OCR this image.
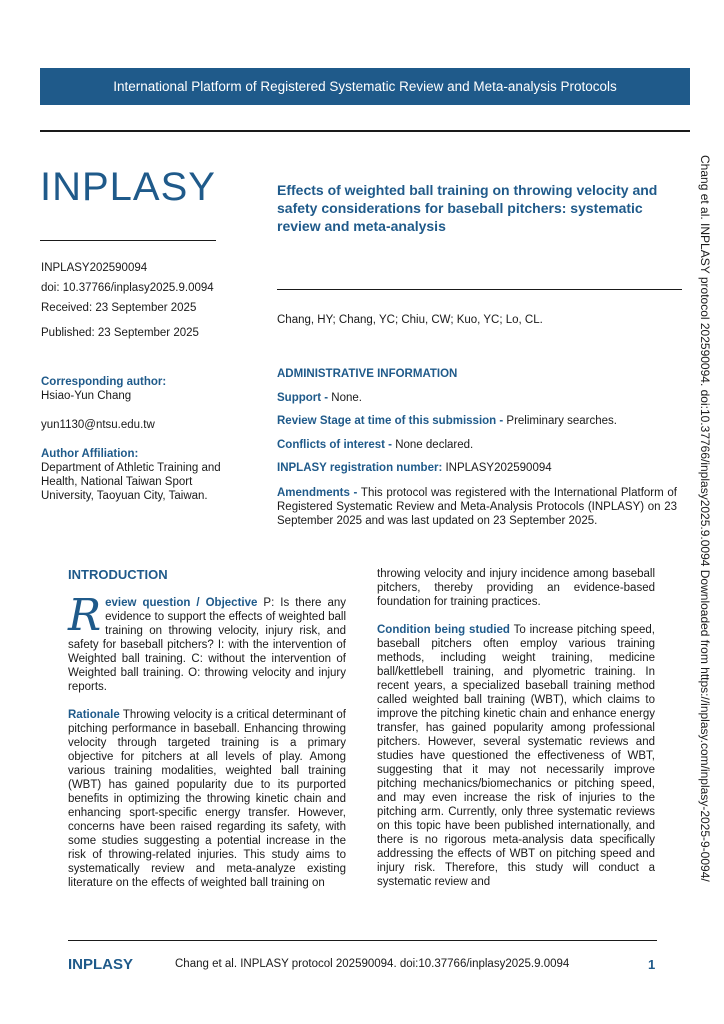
International Platform of Registered Systematic Review and Meta-analysis Protocols
INPLASY
INPLASY202590094
doi: 10.37766/inplasy2025.9.0094
Received: 23 September 2025
Published: 23 September 2025
Effects of weighted ball training on throwing velocity and safety considerations for baseball pitchers: systematic review and meta-analysis
Chang, HY; Chang, YC; Chiu, CW; Kuo, YC; Lo, CL.
Corresponding author:
Hsiao-Yun Chang
yun1130@ntsu.edu.tw
Author Affiliation:
Department of Athletic Training and Health, National Taiwan Sport University, Taoyuan City, Taiwan.
ADMINISTRATIVE INFORMATION
Support - None.
Review Stage at time of this submission - Preliminary searches.
Conflicts of interest - None declared.
INPLASY registration number: INPLASY202590094
Amendments - This protocol was registered with the International Platform of Registered Systematic Review and Meta-Analysis Protocols (INPLASY) on 23 September 2025 and was last updated on 23 September 2025.	Chang et al. INPLASY protocol 202590094. doi:10.37766/inplasy2025.9.0094 Downloaded from https://inplasy.com/inplasy-2025-9-0094/
INTRODUCTION

Review question / Objective P: Is there any evidence to support the effects of weighted ball training on throwing velocity, injury risk, and safety for baseball pitchers? I: with the intervention of Weighted ball training. C: without the intervention of Weighted ball training. O: throwing velocity and injury reports.

Rationale Throwing velocity is a critical determinant of pitching performance in baseball. Enhancing throwing velocity through targeted training is a primary objective for pitchers at all levels of play. Among various training modalities, weighted ball training (WBT) has gained popularity due to its purported benefits in optimizing the throwing kinetic chain and enhancing sport-specific energy transfer. However, concerns have been raised regarding its safety, with some studies suggesting a potential increase in the risk of throwing-related injuries. This study aims to systematically review and meta-analyze existing literature on the effects of weighted ball training on

throwing velocity and injury incidence among baseball pitchers, thereby providing an evidence-based foundation for training practices.

Condition being studied To increase pitching speed, baseball pitchers often employ various training methods, including weight training, medicine ball/kettlebell training, and plyometric training. In recent years, a specialized baseball training method called weighted ball training (WBT), which claims to improve the pitching kinetic chain and enhance energy transfer, has gained popularity among professional pitchers. However, several systematic reviews and studies have questioned the effectiveness of WBT, suggesting that it may not necessarily improve pitching mechanics/biomechanics or pitching speed, and may even increase the risk of injuries to the pitching arm. Currently, only three systematic reviews on this topic have been published internationally, and there is no rigorous meta-analysis data specifically addressing the effects of WBT on pitching speed and injury risk. Therefore, this study will conduct a systematic review and

INPLASY	Chang et al. INPLASY protocol 202590094. doi:10.37766/inplasy2025.9.0094	1
